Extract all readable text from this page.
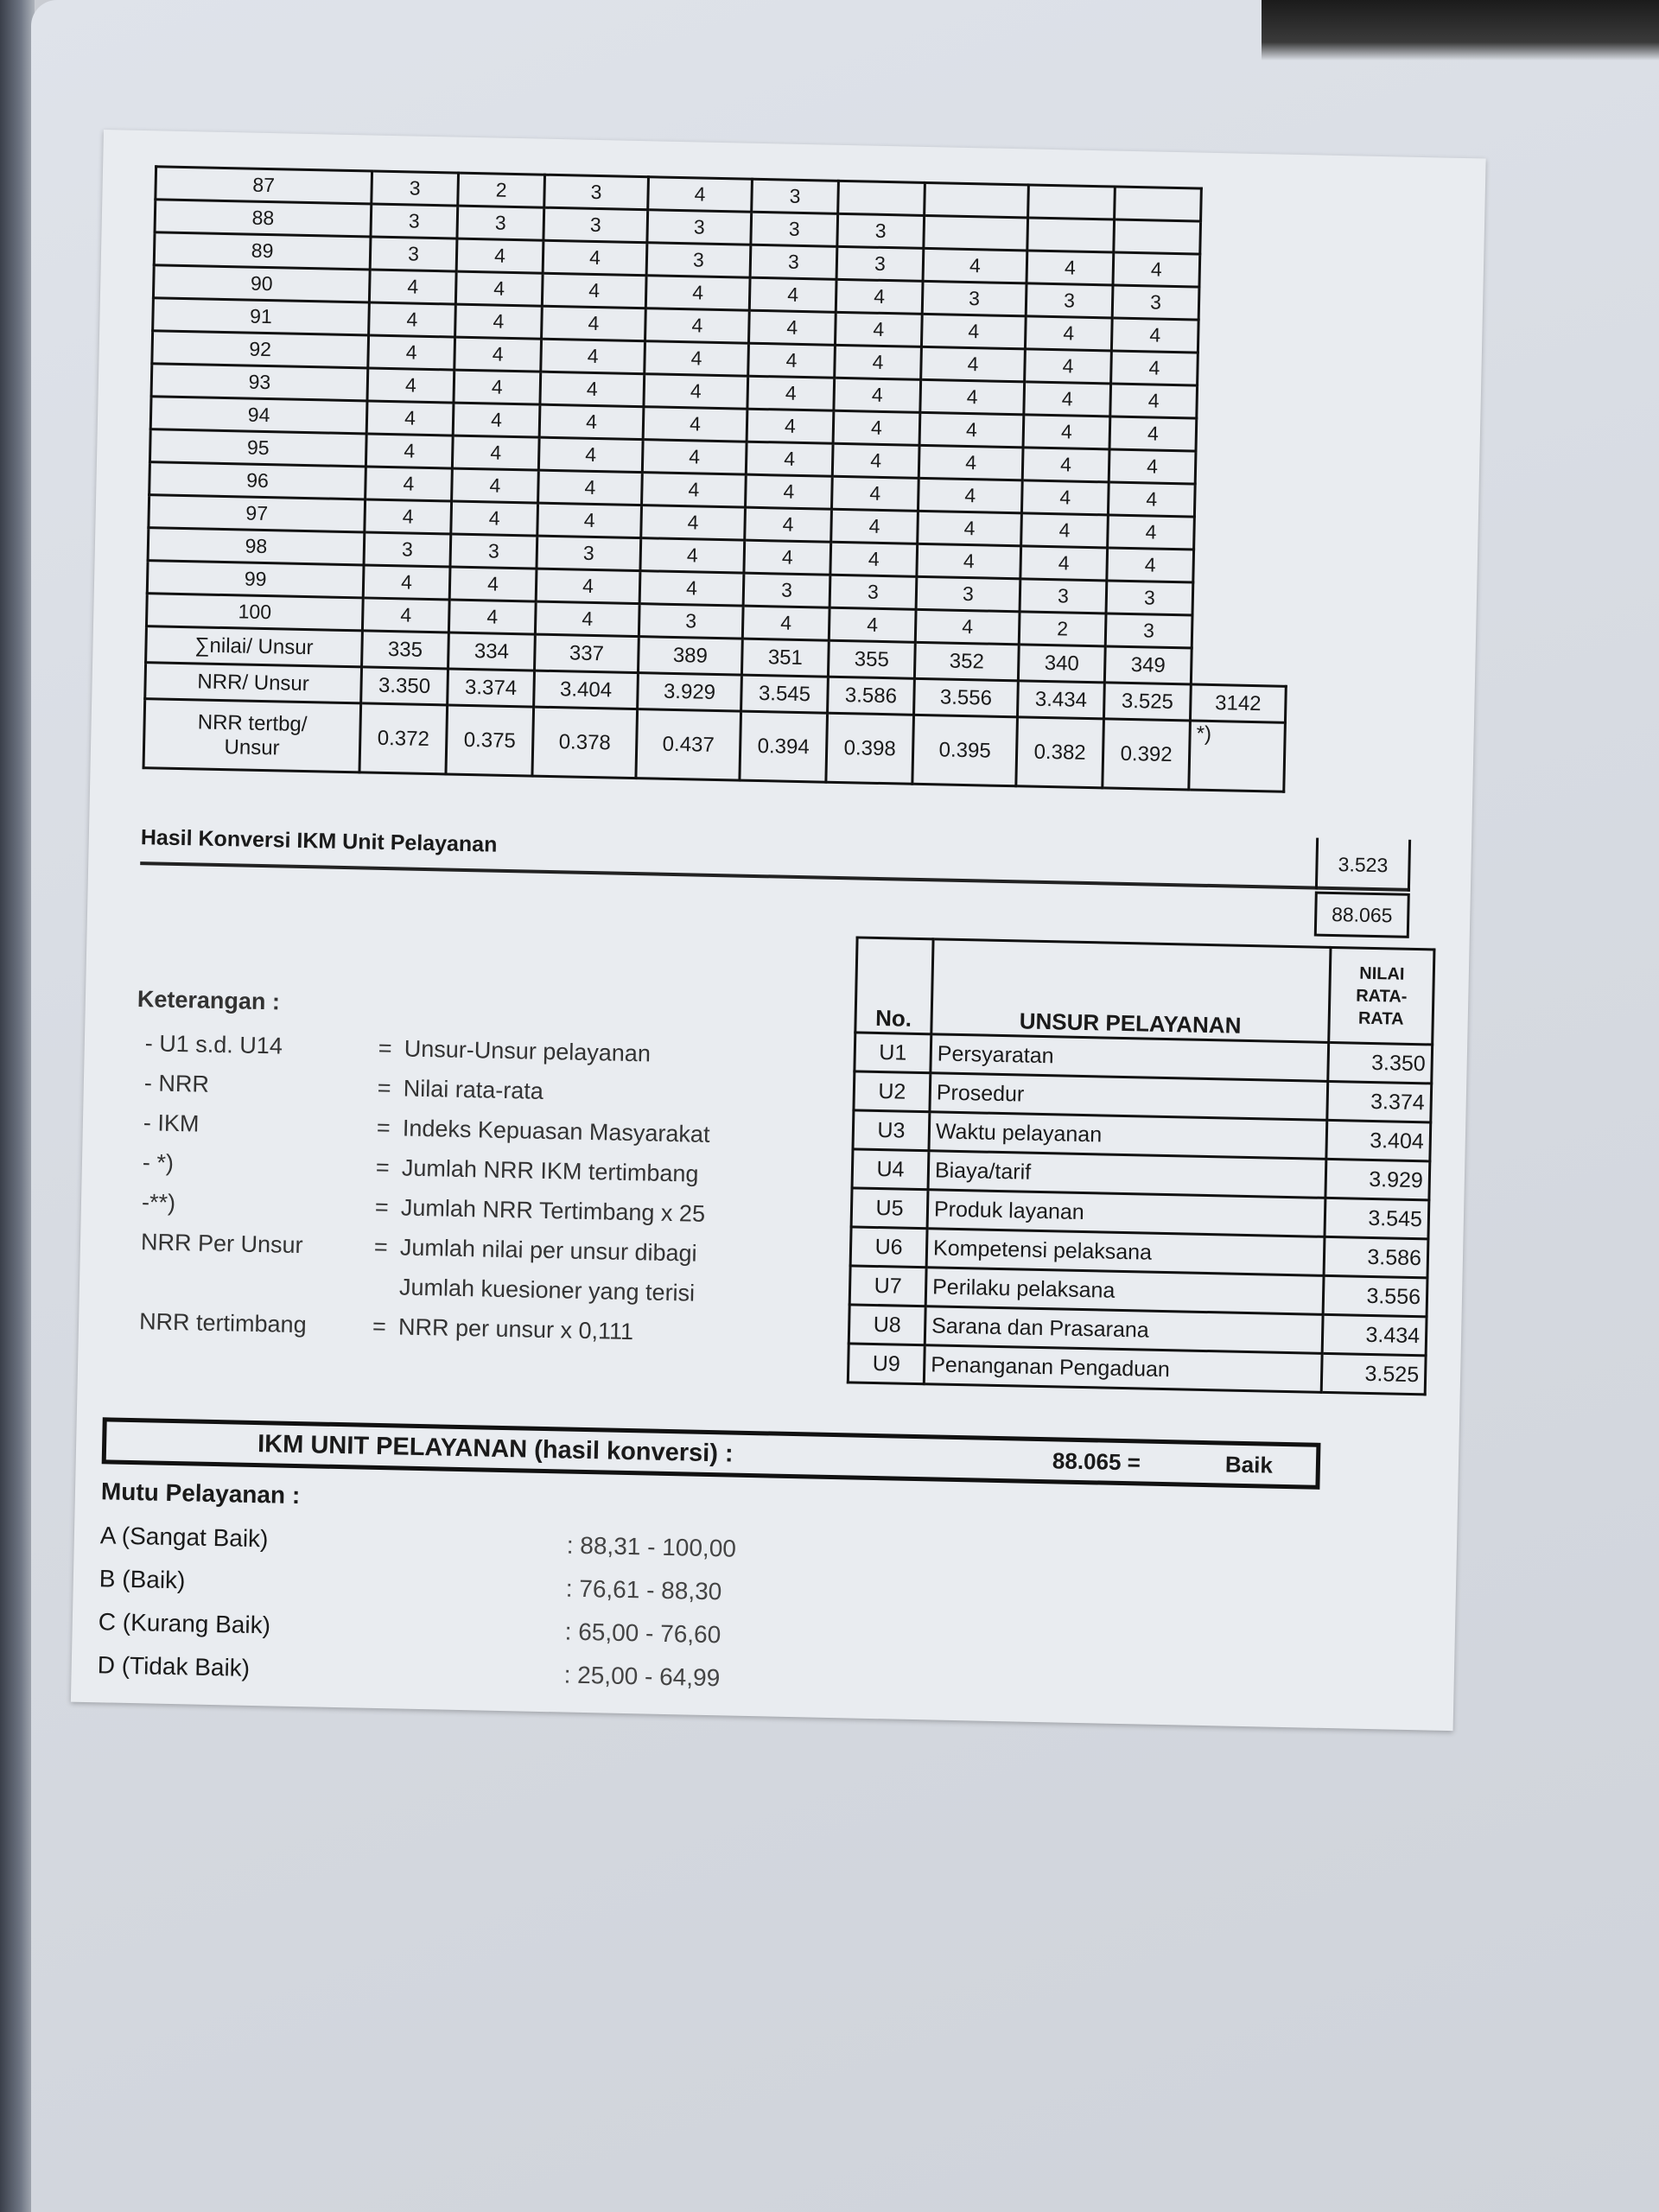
87	3	2	3	4	3					
88	3	3	3	3	3	3				
89	3	4	4	3	3	3	4	4	4	
90	4	4	4	4	4	4	3	3	3	
91	4	4	4	4	4	4	4	4	4	
92	4	4	4	4	4	4	4	4	4	
93	4	4	4	4	4	4	4	4	4	
94	4	4	4	4	4	4	4	4	4	
95	4	4	4	4	4	4	4	4	4	
96	4	4	4	4	4	4	4	4	4	
97	4	4	4	4	4	4	4	4	4	
98	3	3	3	4	4	4	4	4	4	
99	4	4	4	4	3	3	3	3	3	
100	4	4	4	3	4	4	4	2	3	
∑nilai/ Unsur	335	334	337	389	351	355	352	340	349	
NRR/ Unsur	3.350	3.374	3.404	3.929	3.545	3.586	3.556	3.434	3.525	3142

NRR tertbg/
Unsur	0.372	0.375	0.378	0.437	0.394	0.398	0.395	0.382	0.392	*)
Hasil Konversi IKM Unit Pelayanan
3.523
88.065
Keterangan :
- U1 s.d. U14	= Unsur-Unsur pelayanan
- NRR	= Nilai rata-rata
- IKM	= Indeks Kepuasan Masyarakat
- *)	= Jumlah NRR IKM tertimbang
-**)	= Jumlah NRR Tertimbang x 25
NRR Per Unsur	= Jumlah nilai per unsur dibagi
Jumlah kuesioner yang terisi
NRR tertimbang	= NRR per unsur x 0,111
No.	UNSUR PELAYANAN	NILAI RATA- RATA
U1	Persyaratan	3.350
U2	Prosedur	3.374
U3	Waktu pelayanan	3.404
U4	Biaya/tarif	3.929
U5	Produk layanan	3.545
U6	Kompetensi pelaksana	3.586
U7	Perilaku pelaksana	3.556
U8	Sarana dan Prasarana	3.434
U9	Penanganan Pengaduan	3.525
IKM UNIT PELAYANAN (hasil konversi) :	88.065 =	Baik
Mutu Pelayanan :
A (Sangat Baik)	: 88,31 - 100,00
B (Baik)	: 76,61 - 88,30
C (Kurang Baik)	: 65,00 - 76,60
D (Tidak Baik)	: 25,00 - 64,99
